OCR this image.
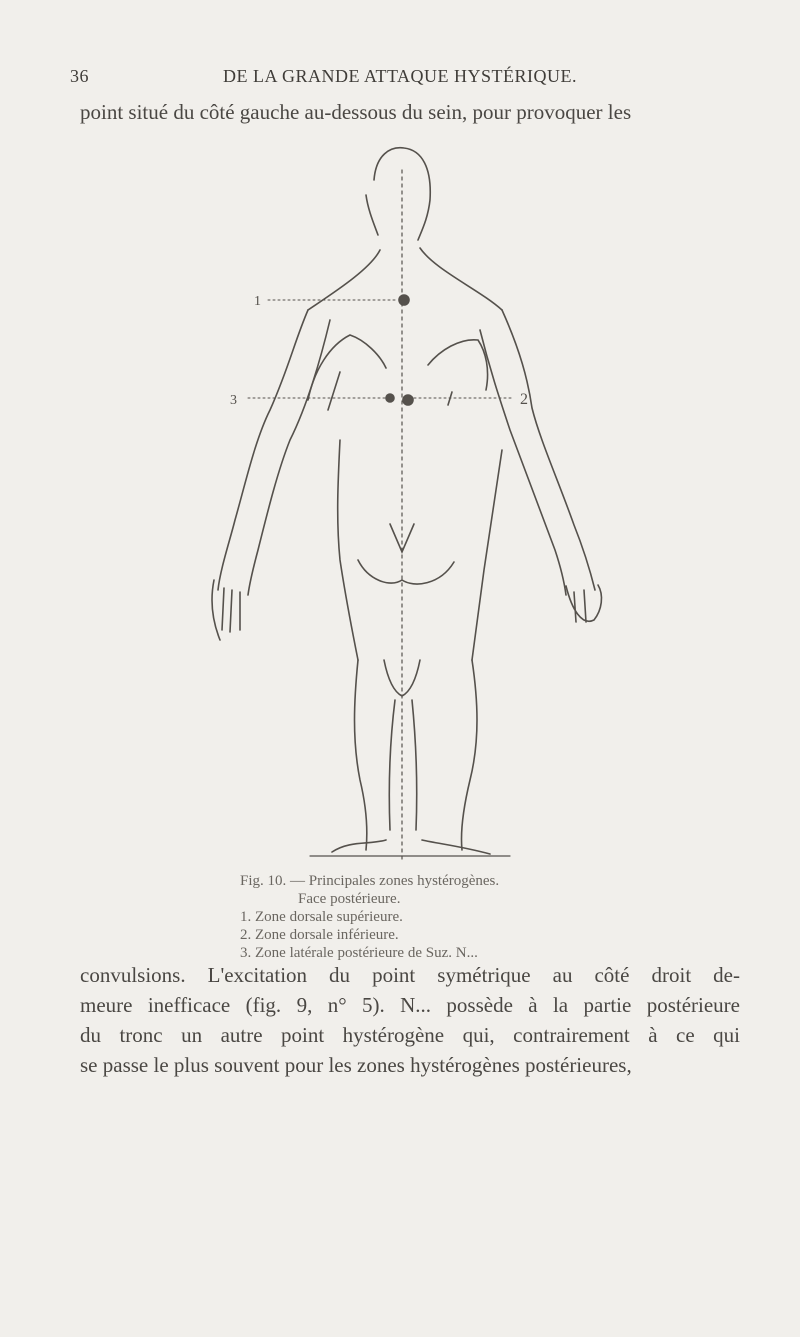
36	DE LA GRANDE ATTAQUE HYSTÉRIQUE.
point situé du côté gauche au-dessous du sein, pour provoquer les
1
3	2
Fig. 10. — Principales zones hystérogènes.
Face postérieure.
1. Zone dorsale supérieure.
2. Zone dorsale inférieure.
3. Zone latérale postérieure de Suz. N...

convulsions. L'excitation du point symétrique au côté droit de-

meure inefficace (fig. 9, n° 5). N... possède à la partie postérieure

du tronc un autre point hystérogène qui, contrairement à ce qui

se passe le plus souvent pour les zones hystérogènes postérieures,
